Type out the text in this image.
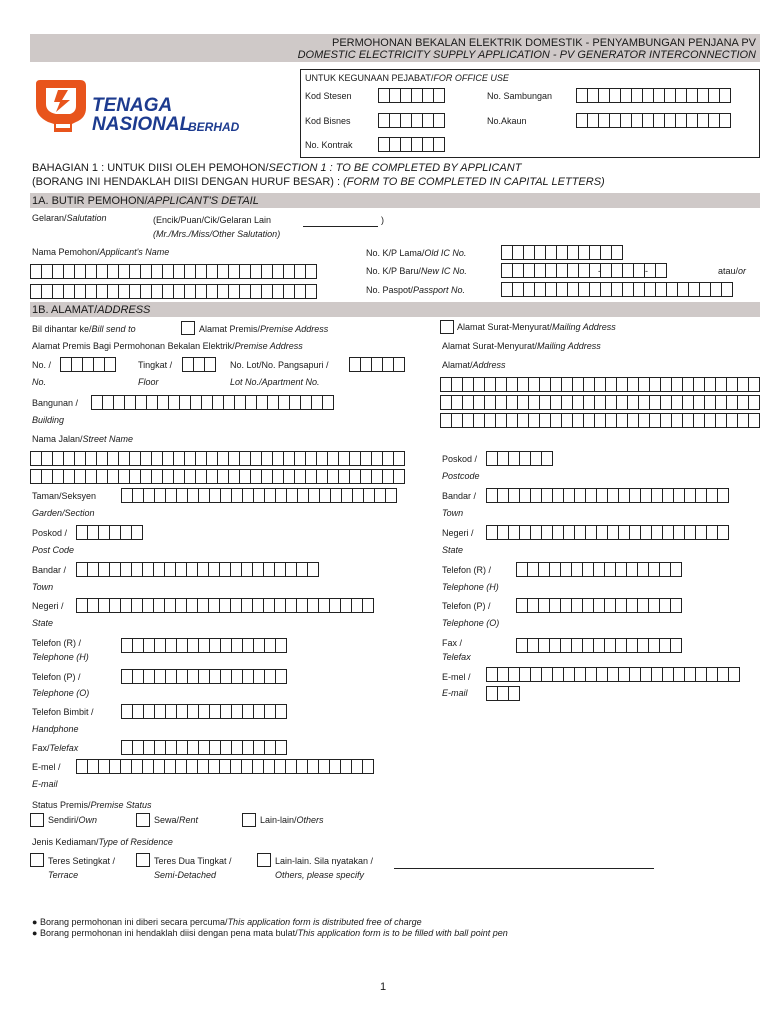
PERMOHONAN BEKALAN ELEKTRIK DOMESTIK - PENYAMBUNGAN PENJANA PV
DOMESTIC ELECTRICITY SUPPLY APPLICATION - PV GENERATOR INTERCONNECTION
TENAGA
NASIONAL
BERHAD
UNTUK KEGUNAAN PEJABAT/FOR OFFICE USE
Kod Stesen	No. Sambungan
Kod Bisnes	No.Akaun
No. Kontrak
BAHAGIAN 1 : UNTUK DIISI OLEH PEMOHON/SECTION 1 : TO BE COMPLETED BY APPLICANT
(BORANG INI HENDAKLAH DIISI DENGAN HURUF BESAR) : (FORM TO BE COMPLETED IN CAPITAL LETTERS)
1A. BUTIR PEMOHON/APPLICANT'S DETAIL
Gelaran/Salutation	(Encik/Puan/Cik/Gelaran Lain	)
(Mr./Mrs./Miss/Other Salutation)
Nama Pemohon/Applicant's Name	No. K/P Lama/Old IC No.
No. K/P Baru/New IC No.	-	-	atau/or
No. Paspot/Passport No.
1B. ALAMAT/ADDRESS
Bil dihantar ke/Bill send to	Alamat Premis/Premise Address	Alamat Surat-Menyurat/Mailing Address
Alamat Premis Bagi Permohonan Bekalan Elektrik/Premise Address	Alamat Surat-Menyurat/Mailing Address
No. /
No.
Tingkat /
Floor
No. Lot/No. Pangsapuri /
Lot No./Apartment No.
Alamat/Address
Bangunan /
Building
Nama Jalan/Street Name
Poskod /
Postcode
Taman/Seksyen
Garden/Section
Bandar /
Town
Poskod /
Post Code
Negeri /
State
Bandar /
Town
Telefon (R) /
Telephone (H)
Negeri /
State
Telefon (P) /
Telephone (O)
Telefon (R) /
Telephone (H)
Fax /
Telefax
Telefon (P) /
Telephone (O)
E-mel /
E-mail
Telefon Bimbit /
Handphone
Fax/Telefax
E-mel /
E-mail
Status Premis/Premise Status
Sendiri/Own	Sewa/Rent	Lain-lain/Others
Jenis Kediaman/Type of Residence
Teres Setingkat /
Terrace
Teres Dua Tingkat /
Semi-Detached
Lain-lain. Sila nyatakan /
Others, please specify
● Borang permohonan ini diberi secara percuma/This application form is distributed free of charge
● Borang permohonan ini hendaklah diisi dengan pena mata bulat/This application form is to be filled with ball point pen
1
